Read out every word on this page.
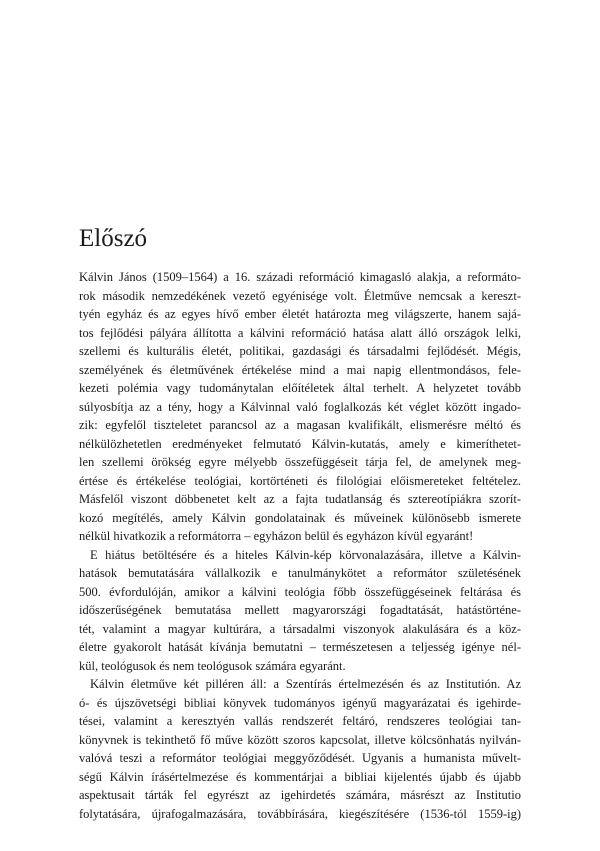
Előszó
Kálvin János (1509–1564) a 16. századi reformáció kimagasló alakja, a reformáto-
rok második nemzedékének vezető egyénisége volt. Életműve nemcsak a kereszt-
tyén egyház és az egyes hívő ember életét határozta meg világszerte, hanem sajá-
tos fejlődési pályára állította a kálvini reformáció hatása alatt álló országok lelki,
szellemi és kulturális életét, politikai, gazdasági és társadalmi fejlődését. Mégis,
személyének és életművének értékelése mind a mai napig ellentmondásos, fele-
kezeti polémia vagy tudománytalan előítéletek által terhelt. A helyzetet tovább
súlyosbítja az a tény, hogy a Kálvinnal való foglalkozás két véglet között ingado-
zik: egyfelől tiszteletet parancsol az a magasan kvalifikált, elismerésre méltó és
nélkülözhetetlen eredményeket felmutató Kálvin-kutatás, amely e kimeríthetet-
len szellemi örökség egyre mélyebb összefüggéseit tárja fel, de amelynek meg-
értése és értékelése teológiai, kortörténeti és filológiai előismereteket feltételez.
Másfelől viszont döbbenetet kelt az a fajta tudatlanság és sztereotípiákra szorít-
kozó megítélés, amely Kálvin gondolatainak és műveinek különösebb ismerete
nélkül hivatkozik a reformátorra – egyházon belül és egyházon kívül egyaránt!
E hiátus betöltésére és a hiteles Kálvin-kép körvonalazására, illetve a Kálvin-
hatások bemutatására vállalkozik e tanulmánykötet a reformátor születésének
500. évfordulóján, amikor a kálvini teológia főbb összefüggéseinek feltárása és
időszerűségének bemutatása mellett magyarországi fogadtatását, hatástörténe-
tét, valamint a magyar kultúrára, a társadalmi viszonyok alakulására és a köz-
életre gyakorolt hatását kívánja bemutatni – természetesen a teljesség igénye nél-
kül, teológusok és nem teológusok számára egyaránt.
Kálvin életműve két pilléren áll: a Szentírás értelmezésén és az Institutión. Az
ó- és újszövetségi bibliai könyvek tudományos igényű magyarázatai és igehirde-
tései, valamint a keresztyén vallás rendszerét feltáró, rendszeres teológiai tan-
könyvnek is tekinthető fő műve között szoros kapcsolat, illetve kölcsönhatás nyilván-
valóvá teszi a reformátor teológiai meggyőződését. Ugyanis a humanista művelt-
ségű Kálvin írásértelmezése és kommentárjai a bibliai kijelentés újabb és újabb
aspektusait tárták fel egyrészt az igehirdetés számára, másrészt az Institutio
folytatására, újrafogalmazására, továbbírására, kiegészítésére (1536-tól 1559-ig)
